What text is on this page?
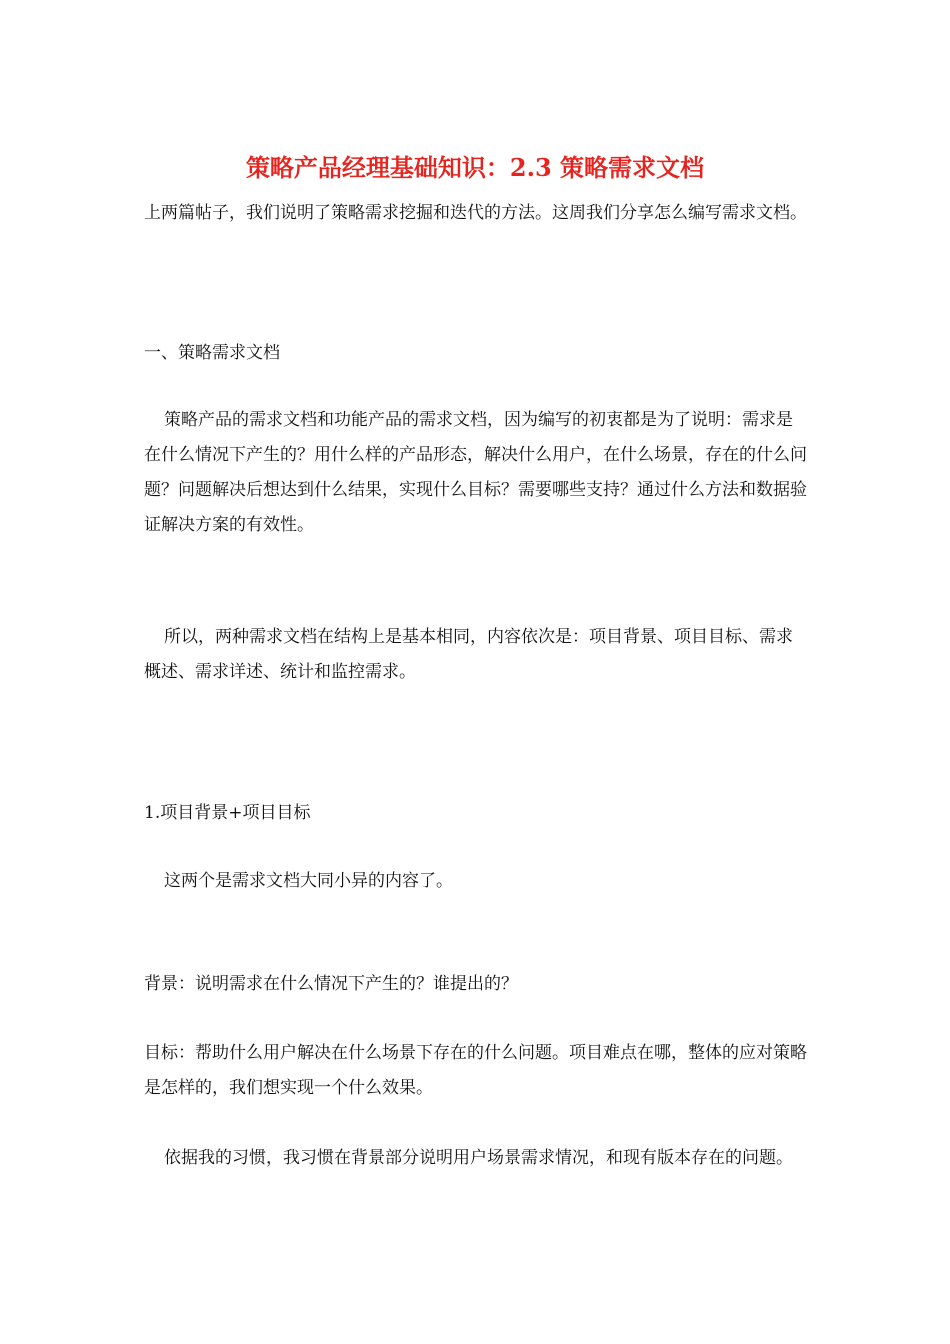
策略产品经理基础知识：2.3 策略需求文档

上两篇帖子，我们说明了策略需求挖掘和迭代的方法。这周我们分享怎么编写需求文档。

一、策略需求文档

策略产品的需求文档和功能产品的需求文档，因为编写的初衷都是为了说明：需求是在什么情况下产生的？用什么样的产品形态，解决什么用户，在什么场景，存在的什么问题？问题解决后想达到什么结果，实现什么目标？需要哪些支持？通过什么方法和数据验证解决方案的有效性。

所以，两种需求文档在结构上是基本相同，内容依次是：项目背景、项目目标、需求概述、需求详述、统计和监控需求。

1.项目背景+项目目标

这两个是需求文档大同小异的内容了。

背景：说明需求在什么情况下产生的？谁提出的？

目标：帮助什么用户解决在什么场景下存在的什么问题。项目难点在哪，整体的应对策略是怎样的，我们想实现一个什么效果。

依据我的习惯，我习惯在背景部分说明用户场景需求情况，和现有版本存在的问题。
